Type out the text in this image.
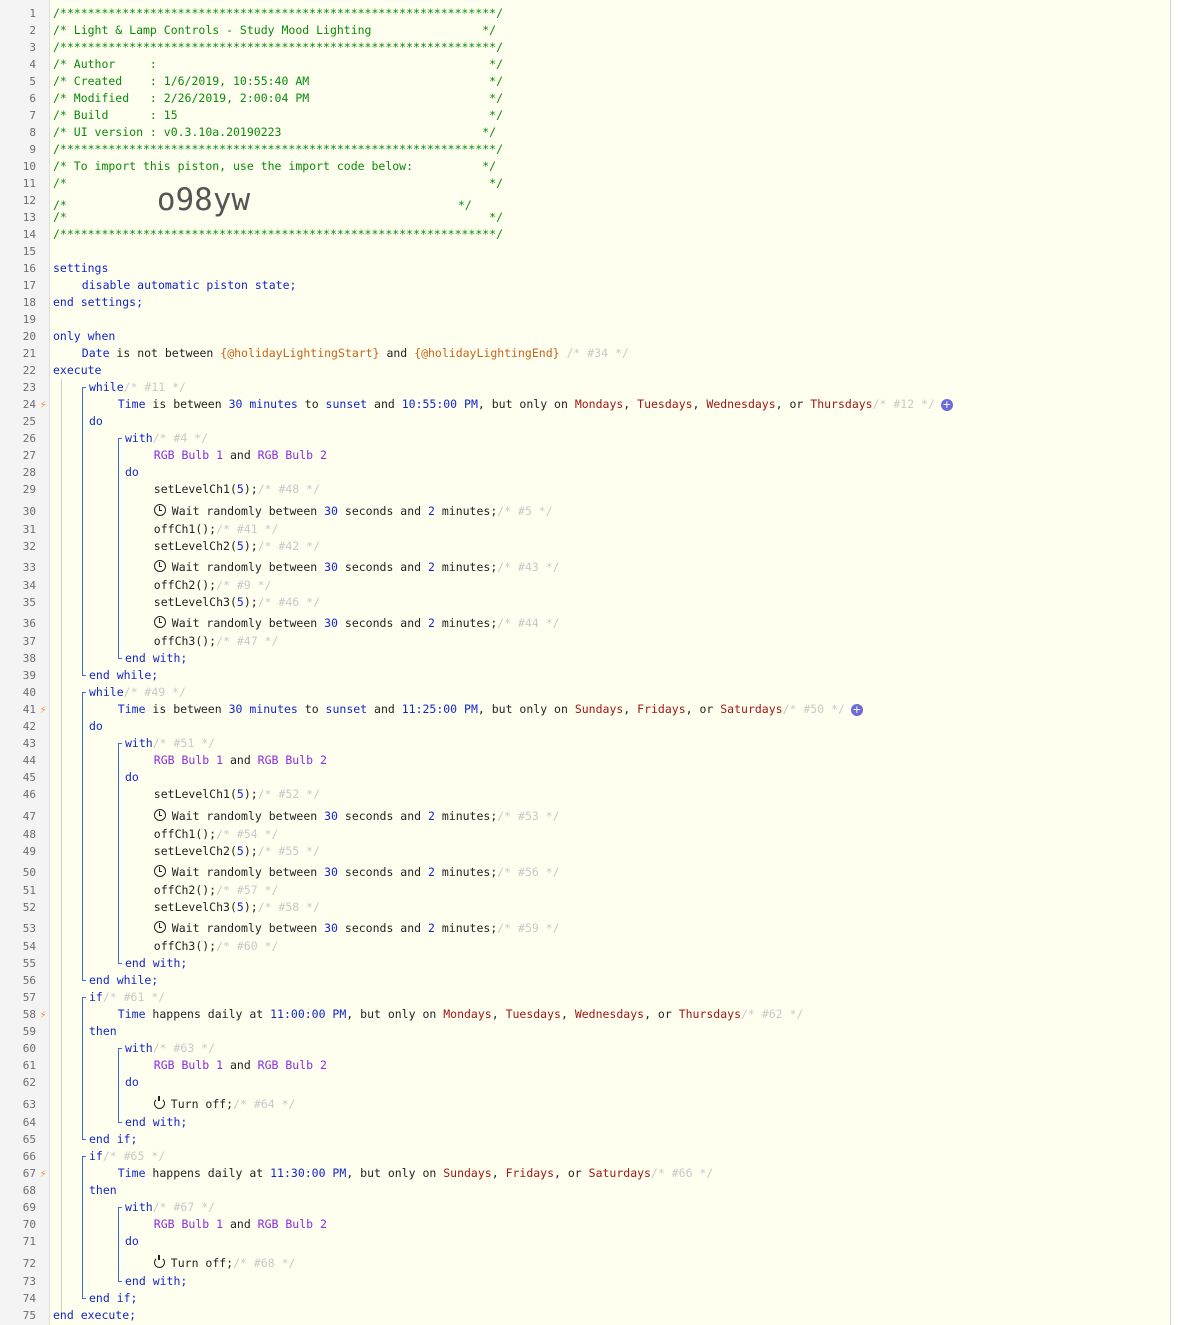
1
2
3
4
5
6
7
8
9
10
11
12
13
14
15
16
17
18
19
20
21
22
23
24
25
26
27
28
29
30
31
32
33
34
35
36
37
38
39
40
41
42
43
44
45
46
47
48
49
50
51
52
53
54
55
56
57
58
59
60
61
62
63
64
65
66
67
68
69
70
71
72
73
74
75
/***************************************************************/
/* Light & Lamp Controls - Study Mood Lighting                */
/***************************************************************/
/* Author     :                                                */
/* Created    : 1/6/2019, 10:55:40 AM                          */
/* Modified   : 2/26/2019, 2:00:04 PM                          */
/* Build      : 15                                             */
/* UI version : v0.3.10a.20190223                             */
/***************************************************************/
/* To import this piston, use the import code below:          */
/*                                                             */
/*             o98yw                              */
/*                                                             */
/***************************************************************/
settings
disable automatic piston state;
end settings;
only when
Date is not between {@holidayLightingStart} and {@holidayLightingEnd} /* #34 */
execute
while/* #11 */
Time is between 30 minutes to sunset and 10:55:00 PM, but only on Mondays, Tuesdays, Wednesdays, or Thursdays/* #12 */ +
⚡
do
with/* #4 */
RGB Bulb 1 and RGB Bulb 2
do
setLevelCh1(5);/* #48 */
Wait randomly between 30 seconds and 2 minutes;/* #5 */
offCh1();/* #41 */
setLevelCh2(5);/* #42 */
Wait randomly between 30 seconds and 2 minutes;/* #43 */
offCh2();/* #9 */
setLevelCh3(5);/* #46 */
Wait randomly between 30 seconds and 2 minutes;/* #44 */
offCh3();/* #47 */
end with;
end while;
while/* #49 */
Time is between 30 minutes to sunset and 11:25:00 PM, but only on Sundays, Fridays, or Saturdays/* #50 */ +
⚡
do
with/* #51 */
RGB Bulb 1 and RGB Bulb 2
do
setLevelCh1(5);/* #52 */
Wait randomly between 30 seconds and 2 minutes;/* #53 */
offCh1();/* #54 */
setLevelCh2(5);/* #55 */
Wait randomly between 30 seconds and 2 minutes;/* #56 */
offCh2();/* #57 */
setLevelCh3(5);/* #58 */
Wait randomly between 30 seconds and 2 minutes;/* #59 */
offCh3();/* #60 */
end with;
end while;
if/* #61 */
Time happens daily at 11:00:00 PM, but only on Mondays, Tuesdays, Wednesdays, or Thursdays/* #62 */
⚡
then
with/* #63 */
RGB Bulb 1 and RGB Bulb 2
do
Turn off;/* #64 */
end with;
end if;
if/* #65 */
Time happens daily at 11:30:00 PM, but only on Sundays, Fridays, or Saturdays/* #66 */
⚡
then
with/* #67 */
RGB Bulb 1 and RGB Bulb 2
do
Turn off;/* #68 */
end with;
end if;
end execute;
